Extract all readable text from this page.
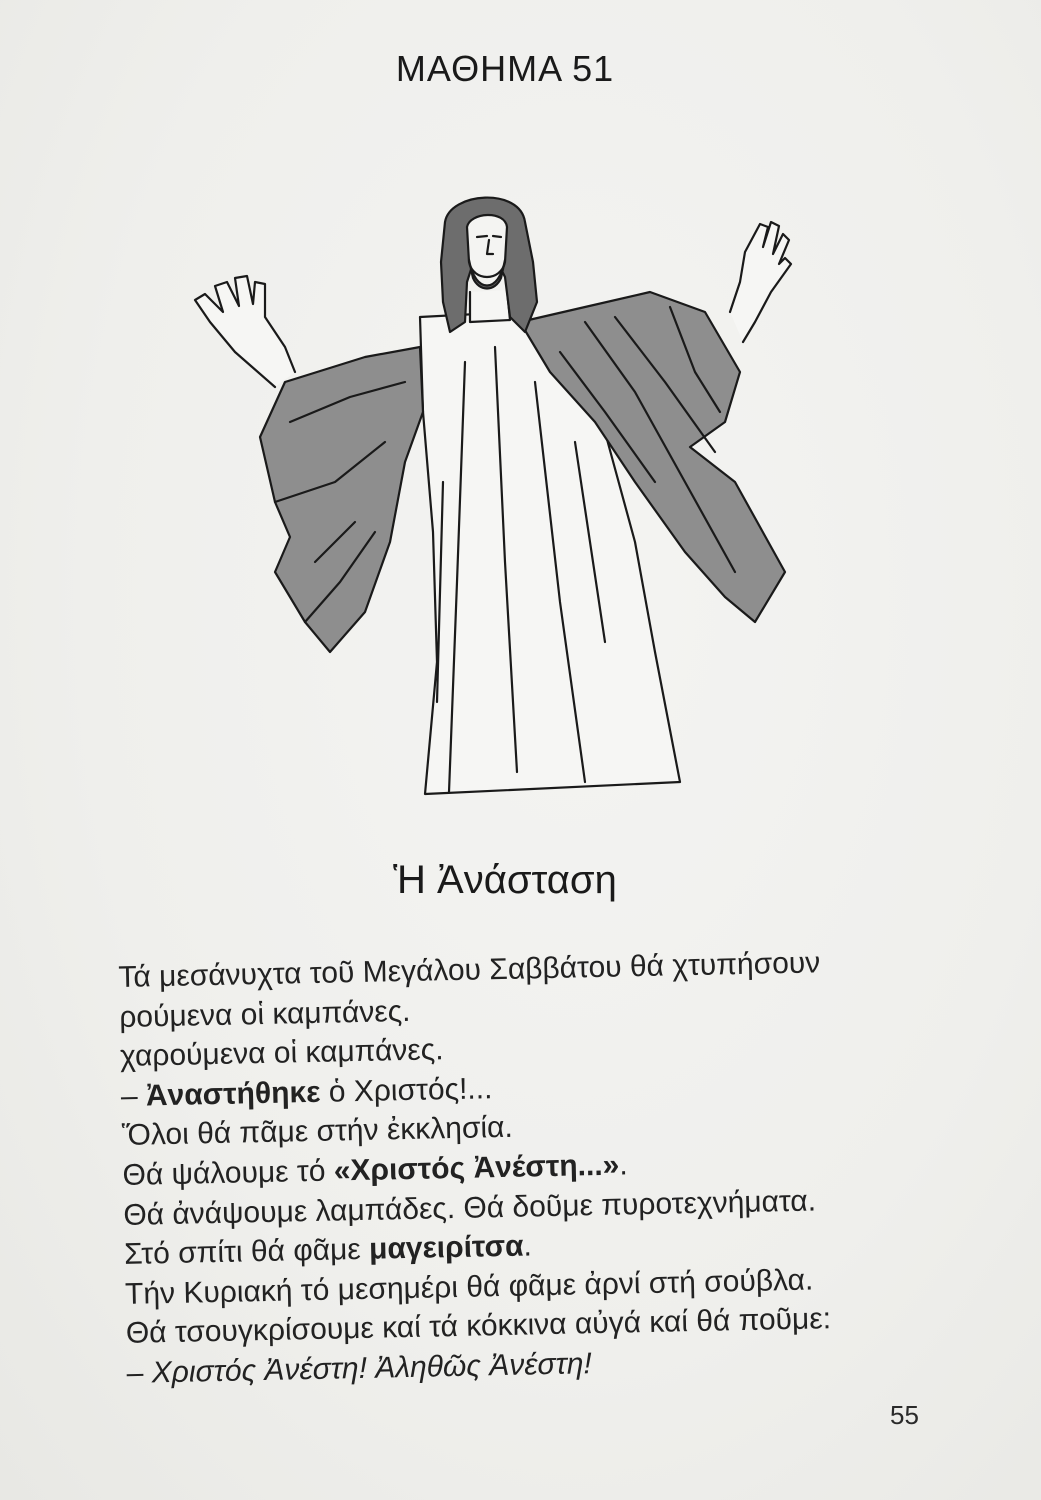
ΜΑΘΗΜΑ 51
Ἡ Ἀνάσταση
Τά μεσάνυχτα τοῦ Μεγάλου Σαββάτου θά χτυπήσουν
ρούμενα οἱ καμπάνες.
χαρούμενα οἱ καμπάνες.
– Ἀναστήθηκε ὁ Χριστός!...
Ὅλοι θά πᾶμε στήν ἐκκλησία.
Θά ψάλουμε τό «Χριστός Ἀνέστη...».
Θά ἀνάψουμε λαμπάδες. Θά δοῦμε πυροτεχνήματα.
Στό σπίτι θά φᾶμε μαγειρίτσα.
Τήν Κυριακή τό μεσημέρι θά φᾶμε ἀρνί στή σούβλα.
Θά τσουγκρίσουμε καί τά κόκκινα αὐγά καί θά ποῦμε:
– Χριστός Ἀνέστη! Ἀληθῶς Ἀνέστη!
55
